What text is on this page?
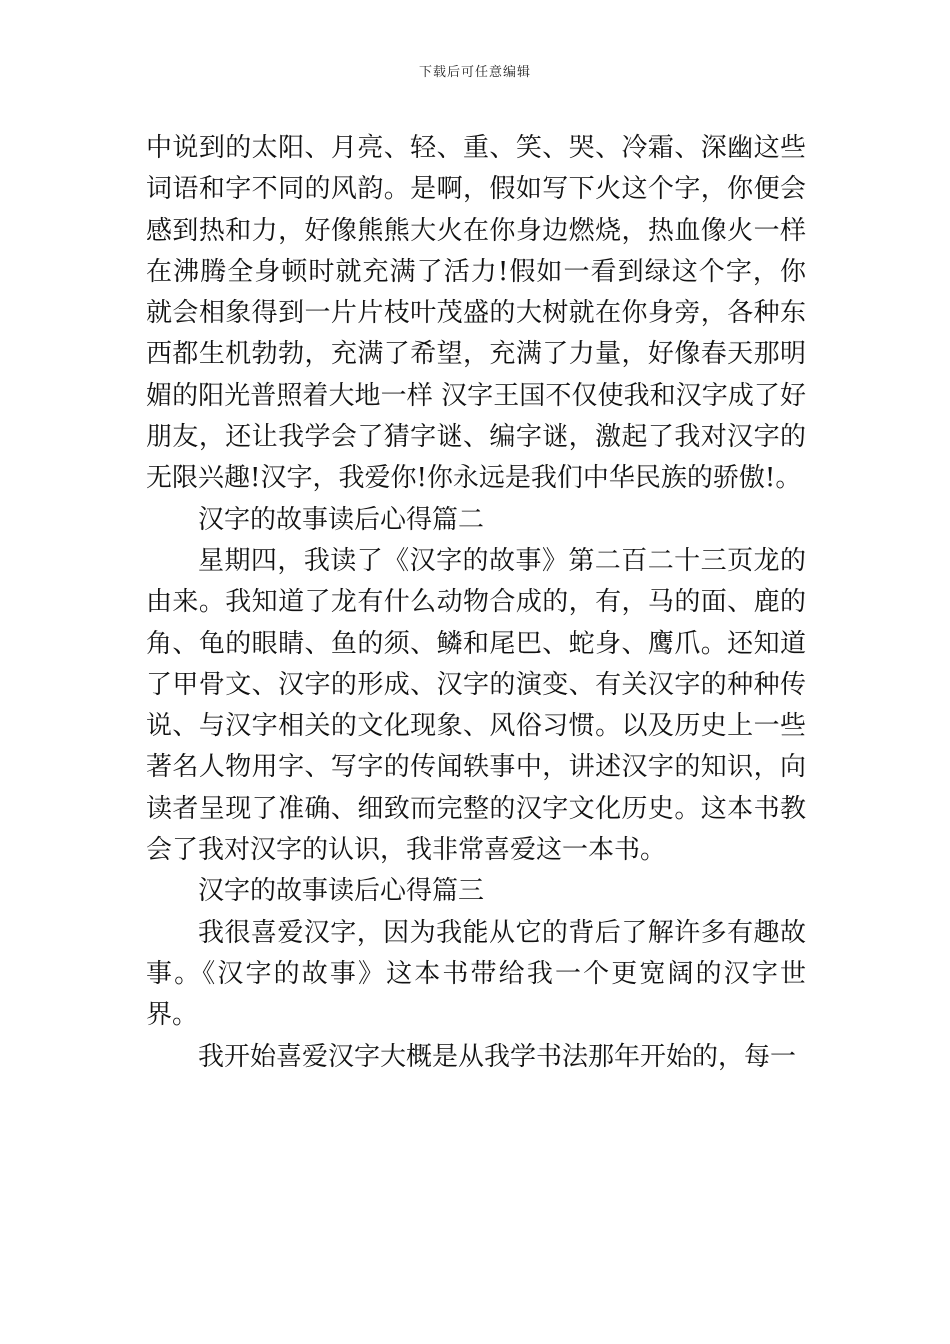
下载后可任意编辑

中说到的太阳、月亮、轻、重、笑、哭、冷霜、深幽这些词语和字不同的风韵。是啊，假如写下火这个字，你便会感到热和力，好像熊熊大火在你身边燃烧，热血像火一样在沸腾全身顿时就充满了活力!假如一看到绿这个字，你就会相象得到一片片枝叶茂盛的大树就在你身旁，各种东西都生机勃勃，充满了希望，充满了力量，好像春天那明媚的阳光普照着大地一样 汉字王国不仅使我和汉字成了好朋友，还让我学会了猜字谜、编字谜，激起了我对汉字的无限兴趣!汉字，我爱你!你永远是我们中华民族的骄傲!。

汉字的故事读后心得篇二

星期四，我读了《汉字的故事》第二百二十三页龙的由来。我知道了龙有什么动物合成的，有，马的面、鹿的角、龟的眼睛、鱼的须、鳞和尾巴、蛇身、鹰爪。还知道了甲骨文、汉字的形成、汉字的演变、有关汉字的种种传说、与汉字相关的文化现象、风俗习惯。以及历史上一些著名人物用字、写字的传闻轶事中，讲述汉字的知识，向读者呈现了准确、细致而完整的汉字文化历史。这本书教会了我对汉字的认识，我非常喜爱这一本书。

汉字的故事读后心得篇三

我很喜爱汉字，因为我能从它的背后了解许多有趣故事。《汉字的故事》这本书带给我一个更宽阔的汉字世界。

我开始喜爱汉字大概是从我学书法那年开始的，每一
